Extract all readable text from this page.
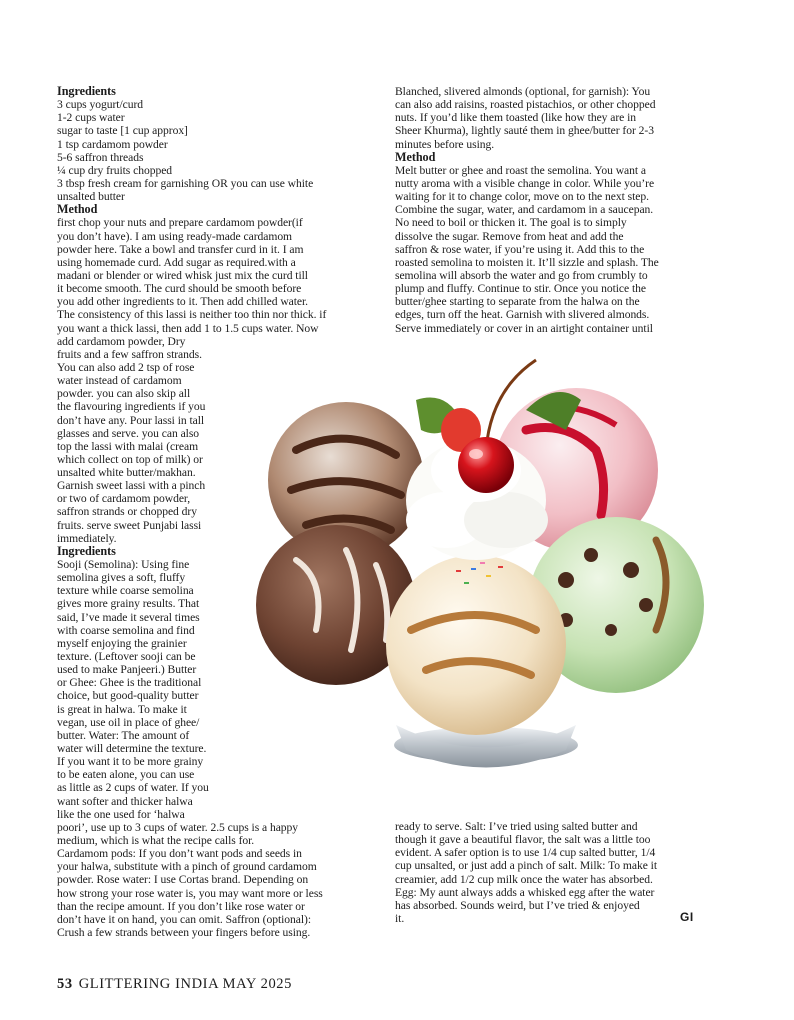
Ingredients
3 cups yogurt/curd
1-2 cups water
sugar to taste [1 cup approx]
1 tsp cardamom powder
5-6 saffron threads
¼ cup dry fruits chopped
3 tbsp fresh cream for garnishing OR you can use white
unsalted butter
Method
first chop your nuts and prepare cardamom powder(if
you don’t have). I am using ready-made cardamom
powder here. Take a bowl and transfer curd in it. I am
using homemade curd. Add sugar as required.with a
madani or blender or wired whisk just mix the curd till
it become smooth. The curd should be smooth before
you add other ingredients to it. Then add chilled water.
The consistency of this lassi is neither too thin nor thick. if
you want a thick lassi, then add 1 to 1.5 cups water. Now
add cardamom powder, Dry
fruits and a few saffron strands.
You can also add 2 tsp of rose
water instead of cardamom
powder. you can also skip all
the flavouring ingredients if you
don’t have any. Pour lassi in tall
glasses and serve. you can also
top the lassi with malai (cream
which collect on top of milk) or
unsalted white butter/makhan.
Garnish sweet lassi with a pinch
or two of cardamom powder,
saffron strands or chopped dry
fruits. serve sweet Punjabi lassi
immediately.
Ingredients
Sooji (Semolina): Using fine
semolina gives a soft, fluffy
texture while coarse semolina
gives more grainy results. That
said, I’ve made it several times
with coarse semolina and find
myself enjoying the grainier
texture. (Leftover sooji can be
used to make Panjeeri.) Butter
or Ghee: Ghee is the traditional
choice, but good-quality butter
is great in halwa. To make it
vegan, use oil in place of ghee/
butter. Water: The amount of
water will determine the texture.
If you want it to be more grainy
to be eaten alone, you can use
as little as 2 cups of water. If you
want softer and thicker halwa
like the one used for ‘halwa
poori’, use up to 3 cups of water. 2.5 cups is a happy
medium, which is what the recipe calls for.
Cardamom pods: If you don’t want pods and seeds in
your halwa, substitute with a pinch of ground cardamom
powder. Rose water: I use Cortas brand. Depending on
how strong your rose water is, you may want more or less
than the recipe amount. If you don’t like rose water or
don’t have it on hand, you can omit. Saffron (optional):
Crush a few strands between your fingers before using.
Blanched, slivered almonds (optional, for garnish): You
can also add raisins, roasted pistachios, or other chopped
nuts. If you’d like them toasted (like how they are in
Sheer Khurma), lightly sauté them in ghee/butter for 2-3
minutes before using.
Method
Melt butter or ghee and roast the semolina. You want a
nutty aroma with a visible change in color. While you’re
waiting for it to change color, move on to the next step.
Combine the sugar, water, and cardamom in a saucepan.
No need to boil or thicken it. The goal is to simply
dissolve the sugar. Remove from heat and add the
saffron & rose water, if you’re using it. Add this to the
roasted semolina to moisten it. It’ll sizzle and splash. The
semolina will absorb the water and go from crumbly to
plump and fluffy. Continue to stir. Once you notice the
butter/ghee starting to separate from the halwa on the
edges, turn off the heat. Garnish with slivered almonds.
Serve immediately or cover in an airtight container until
ready to serve. Salt: I’ve tried using salted butter and
though it gave a beautiful flavor, the salt was a little too
evident. A safer option is to use 1/4 cup salted butter, 1/4
cup unsalted, or just add a pinch of salt. Milk: To make it
creamier, add 1/2 cup milk once the water has absorbed.
Egg: My aunt always adds a whisked egg after the water
has absorbed. Sounds weird, but I’ve tried & enjoyed
it.	GI
53 GLITTERING INDIA MAY 2025
